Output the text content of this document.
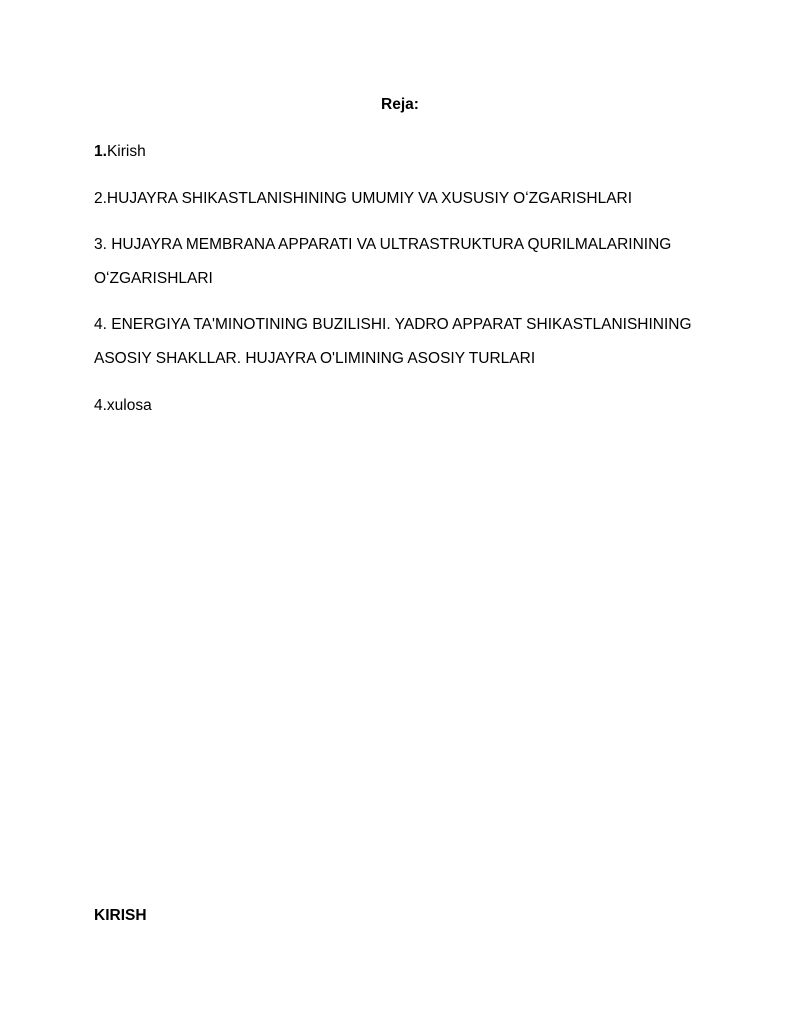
Reja:
1.Kirish
2.HUJAYRA SHIKASTLANISHINING UMUMIY VA XUSUSIY OʻZGARISHLARI
3. HUJAYRA MEMBRANA APPARATI VA ULTRASTRUKTURA QURILMALARINING OʻZGARISHLARI
4. ENERGIYA TA'MINOTINING BUZILISHI. YADRO APPARAT SHIKASTLANISHINING ASOSIY SHAKLLAR. HUJAYRA O'LIMINING ASOSIY TURLARI
4.xulosa
KIRISH
